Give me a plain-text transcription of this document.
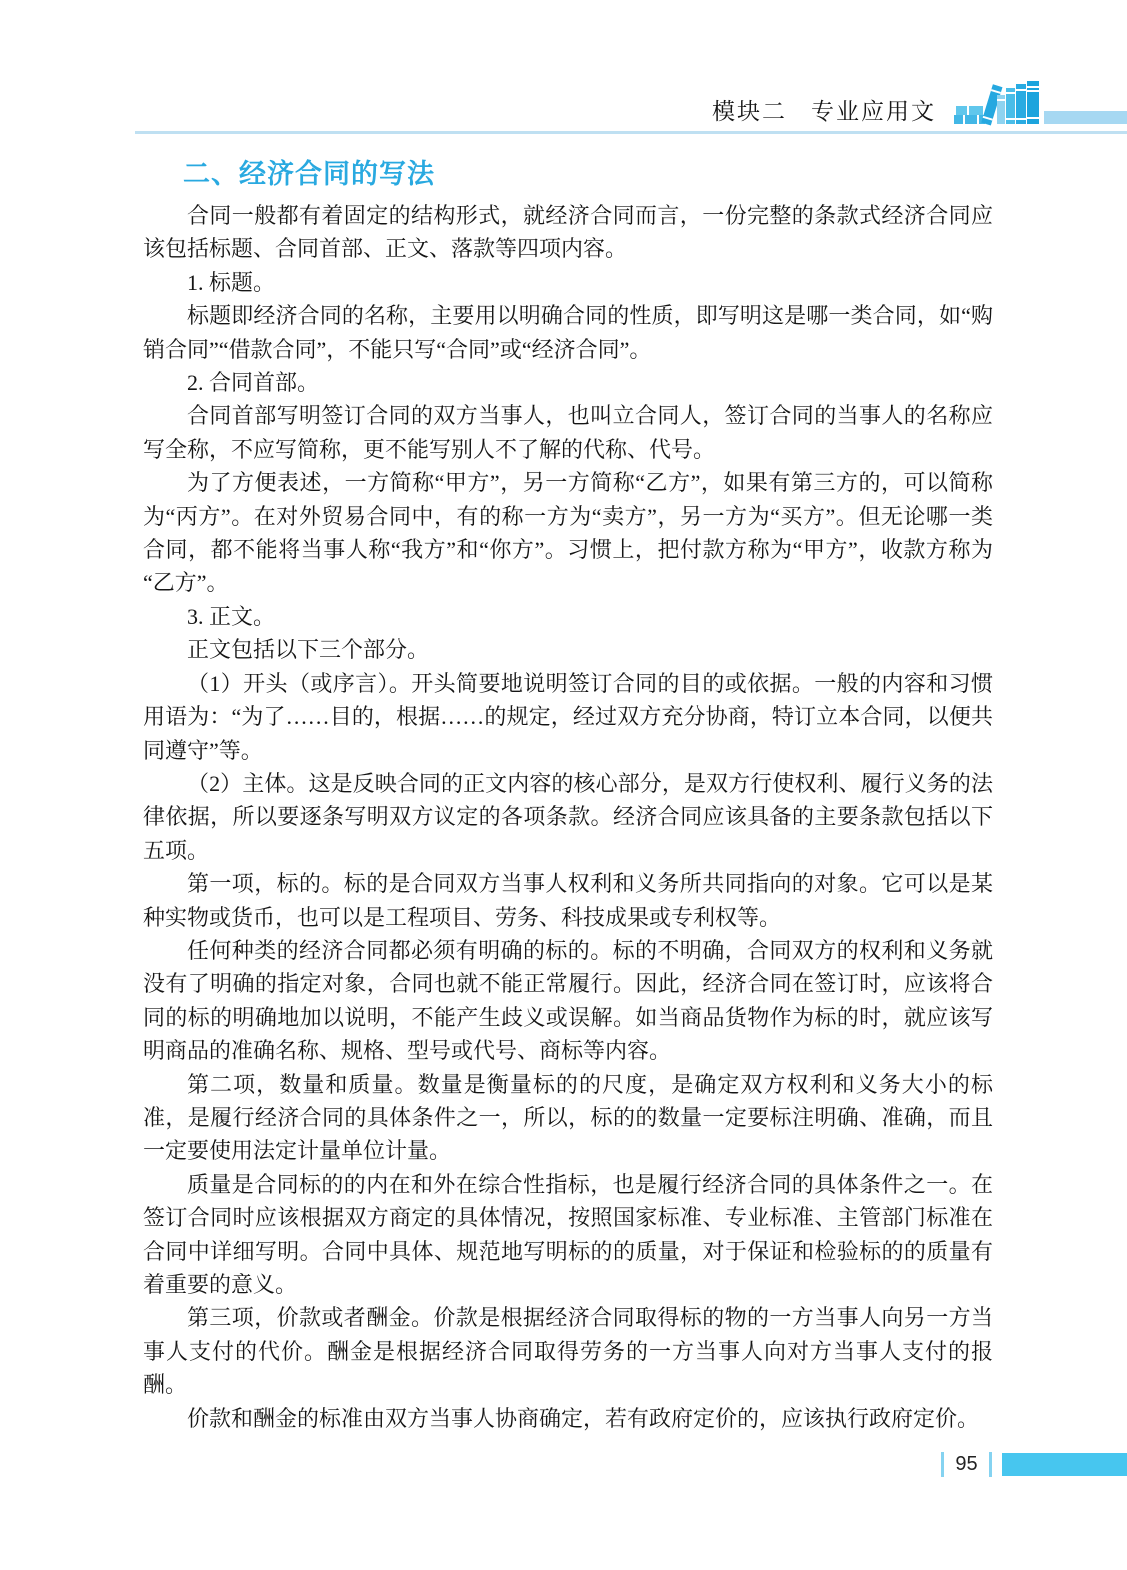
模块二 专业应用文
二、经济合同的写法

合同一般都有着固定的结构形式，就经济合同而言，一份完整的条款式经济合同应该包括标题、合同首部、正文、落款等四项内容。

1. 标题。

标题即经济合同的名称，主要用以明确合同的性质，即写明这是哪一类合同，如“购销合同”“借款合同”，不能只写“合同”或“经济合同”。

2. 合同首部。

合同首部写明签订合同的双方当事人，也叫立合同人，签订合同的当事人的名称应写全称，不应写简称，更不能写别人不了解的代称、代号。

为了方便表述，一方简称“甲方”，另一方简称“乙方”，如果有第三方的，可以简称为“丙方”。在对外贸易合同中，有的称一方为“卖方”，另一方为“买方”。但无论哪一类合同，都不能将当事人称“我方”和“你方”。习惯上，把付款方称为“甲方”，收款方称为“乙方”。

3. 正文。

正文包括以下三个部分。

（1）开头（或序言）。开头简要地说明签订合同的目的或依据。一般的内容和习惯用语为：“为了……目的，根据……的规定，经过双方充分协商，特订立本合同，以便共同遵守”等。

（2）主体。这是反映合同的正文内容的核心部分，是双方行使权利、履行义务的法律依据，所以要逐条写明双方议定的各项条款。经济合同应该具备的主要条款包括以下五项。

第一项，标的。标的是合同双方当事人权利和义务所共同指向的对象。它可以是某种实物或货币，也可以是工程项目、劳务、科技成果或专利权等。

任何种类的经济合同都必须有明确的标的。标的不明确，合同双方的权利和义务就没有了明确的指定对象，合同也就不能正常履行。因此，经济合同在签订时，应该将合同的标的明确地加以说明，不能产生歧义或误解。如当商品货物作为标的时，就应该写明商品的准确名称、规格、型号或代号、商标等内容。

第二项，数量和质量。数量是衡量标的的尺度，是确定双方权利和义务大小的标准，是履行经济合同的具体条件之一，所以，标的的数量一定要标注明确、准确，而且一定要使用法定计量单位计量。

质量是合同标的的内在和外在综合性指标，也是履行经济合同的具体条件之一。在签订合同时应该根据双方商定的具体情况，按照国家标准、专业标准、主管部门标准在合同中详细写明。合同中具体、规范地写明标的的质量，对于保证和检验标的的质量有着重要的意义。

第三项，价款或者酬金。价款是根据经济合同取得标的物的一方当事人向另一方当事人支付的代价。酬金是根据经济合同取得劳务的一方当事人向对方当事人支付的报酬。

价款和酬金的标准由双方当事人协商确定，若有政府定价的，应该执行政府定价。

95
